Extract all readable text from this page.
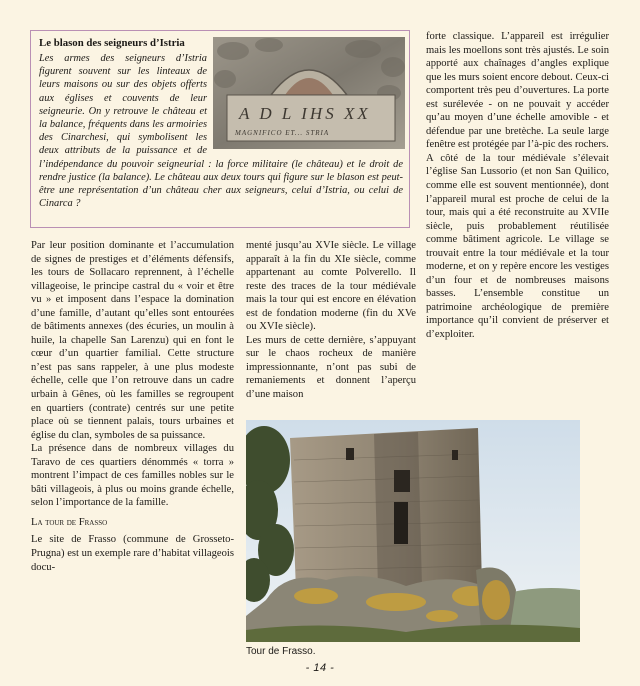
Le blason des seigneurs d’Istria
A D L IHS XX
MAGNIFICO ET... STRIA
Les armes des seigneurs d’Istria figurent souvent sur les linteaux de leurs maisons ou sur des objets offerts aux églises et couvents de leur seigneurie. On y retrouve le château et la balance, fréquents dans les armoiries des Cinarchesi, qui symbolisent les deux attributs de la puissance et de l’indépendance du pouvoir seigneurial : la force militaire (le château) et le droit de rendre justice (la balance). Le château aux deux tours qui figure sur le blason est peut-être une représentation d’un château cher aux seigneurs, celui d’Istria, ou celui de Cinarca ?

Par leur position dominante et l’accumulation de signes de prestiges et d’éléments défensifs, les tours de Sollacaro reprennent, à l’échelle villageoise, le principe castral du « voir et être vu » et imposent dans l’espace la domination d’une famille, d’autant qu’elles sont entourées de bâtiments annexes (des écuries, un moulin à huile, la chapelle San Larenzu) qui en font le cœur d’un quartier familial. Cette structure n’est pas sans rappeler, à une plus modeste échelle, celle que l’on retrouve dans un cadre urbain à Gênes, où les familles se regroupent en quartiers (contrate) centrés sur une petite place où se tiennent palais, tours urbaines et église du clan, symboles de sa puissance.

La présence dans de nombreux villages du Taravo de ces quartiers dénommés « torra » montrent l’impact de ces familles nobles sur le bâti villageois, à plus ou moins grande échelle, selon l’importance de la famille.

La tour de Frasso

Le site de Frasso (commune de Grosseto-Prugna) est un exemple rare d’habitat villageois docu-

menté jusqu’au XVIe siècle. Le village apparaît à la fin du XIe siècle, comme appartenant au comte Polverello. Il reste des traces de la tour médiévale mais la tour qui est encore en élévation est de fondation moderne (fin du XVe ou XVIe siècle).

Les murs de cette dernière, s’appuyant sur le chaos rocheux de manière impressionnante, n’ont pas subi de remaniements et donnent l’aperçu d’une maison

forte classique. L’appareil est irrégulier mais les moellons sont très ajustés. Le soin apporté aux chaînages d’angles explique que les murs soient encore debout. Ceux-ci comportent très peu d’ouvertures. La porte est surélevée - on ne pouvait y accéder qu’au moyen d’une échelle amovible - et défendue par une bretèche. La seule large fenêtre est protégée par l’à-pic des rochers.

A côté de la tour médiévale s’élevait l’église San Lussorio (et non San Quilico, comme elle est souvent mentionnée), dont l’appareil mural est proche de celui de la tour, mais qui a été reconstruite au XVIIe siècle, puis probablement réutilisée comme bâtiment agricole. Le village se trouvait entre la tour médiévale et la tour moderne, et on y repère encore les vestiges d’un four et de nombreuses maisons basses. L’ensemble constitue un patrimoine archéologique de première importance qu’il convient de préserver et d’exploiter.

Tour de Frasso.
- 14 -
